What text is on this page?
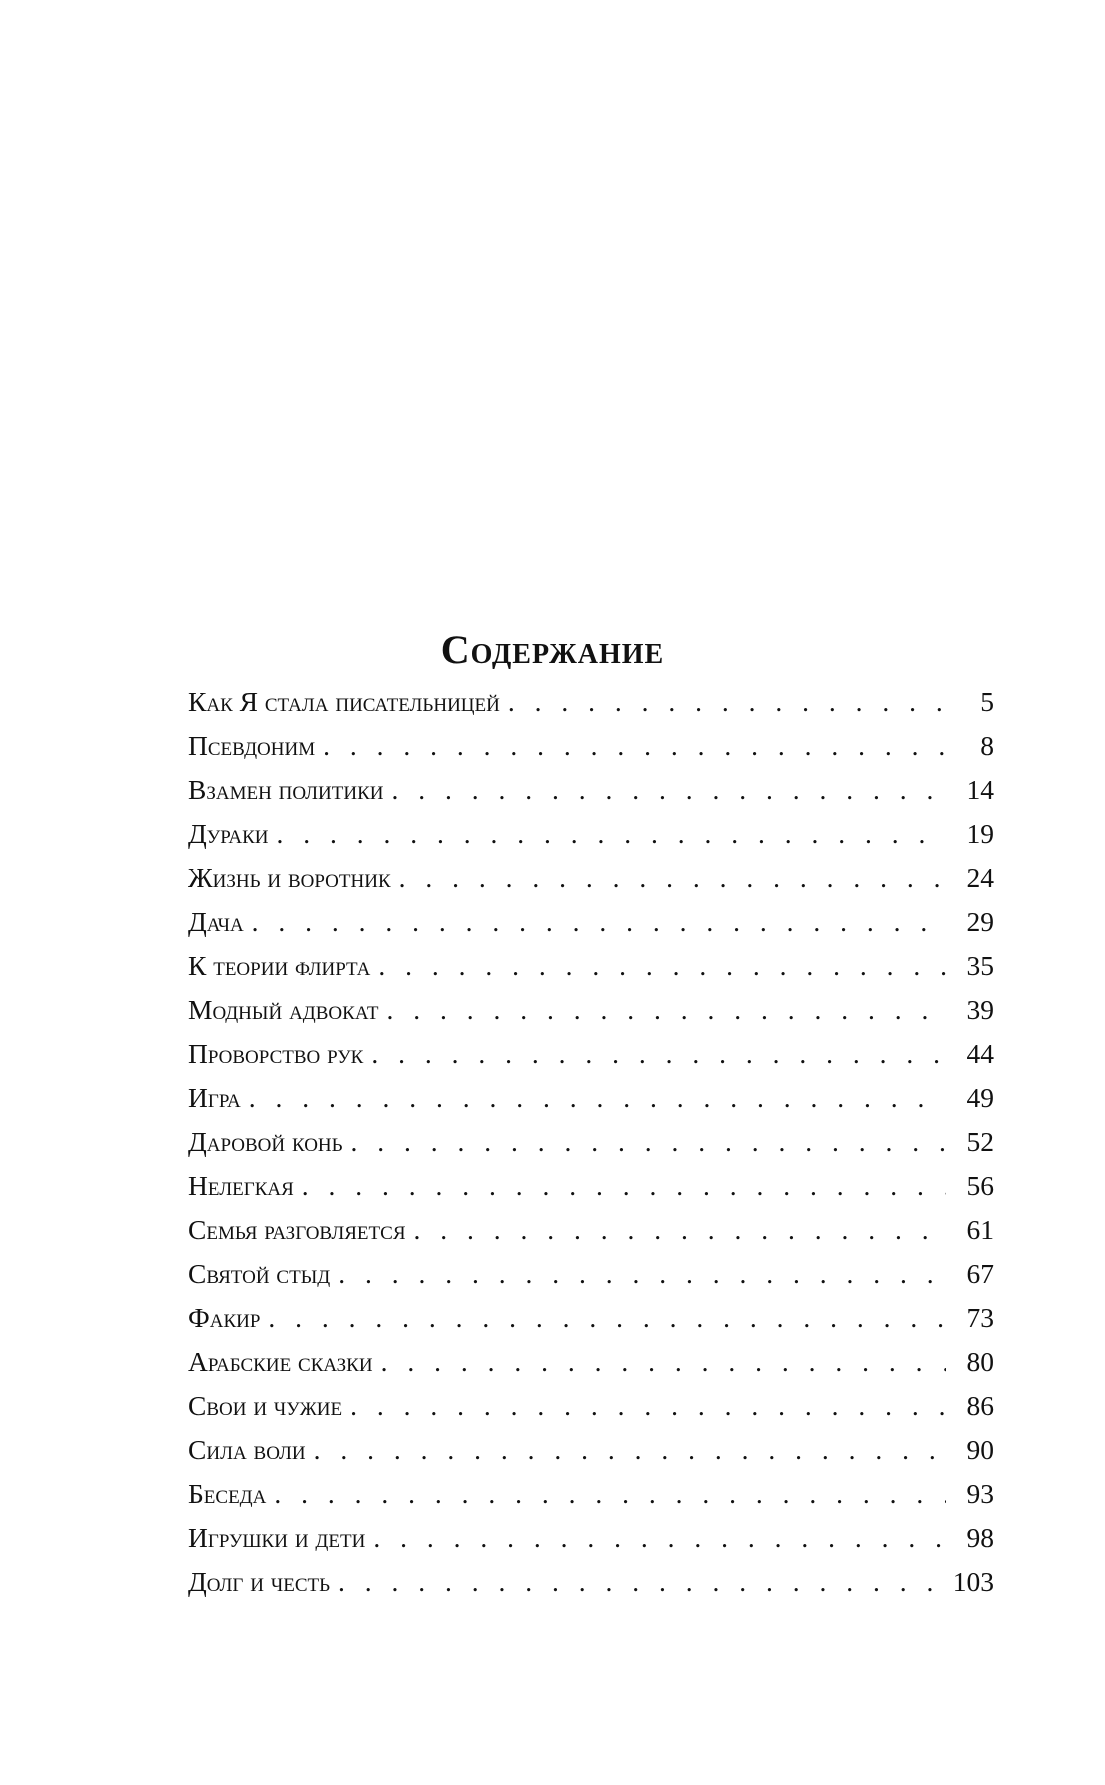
Содержание
Как Я стала писательницей . . .	5
Псевдоним . . .	8
Взамен политики . . .	14
Дураки . . .	19
Жизнь и воротник . . .	24
Дача . . .	29
К теории флирта . . .	35
Модный адвокат . . .	39
Проворство рук . . .	44
Игра . . .	49
Даровой конь . . .	52
Нелегкая . . .	56
Семья разговляется . . .	61
Святой стыд . . .	67
Факир . . .	73
Арабские сказки . . .	80
Свои и чужие . . .	86
Сила воли . . .	90
Беседа . . .	93
Игрушки и дети . . .	98
Долг и честь . . .	103
